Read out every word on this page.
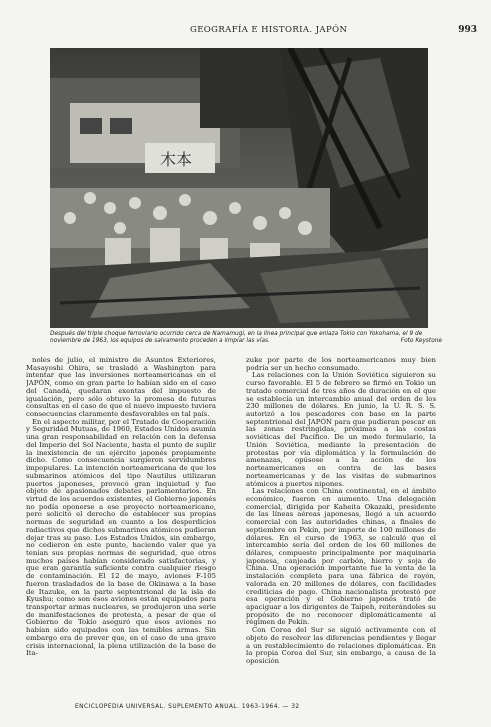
GEOGRAFÍA E HISTORIA. JAPÓN	993
木本
Después del triple choque ferroviario ocurrido cerca de Namamugi, en la línea principal que enlaza Tokio con Yokohama, el 9 de noviembre de 1963, los equipos de salvamento proceden a limpiar las vías.	Foto Keystone

noles de julio, el ministro de Asuntos Exteriores, Masayoshi Ohira, se trasladó a Washington para intentar que las inversiones norteamericanas en el JAPÓN, como en gran parte lo habían sido en el caso del Canadá, quedaran exentas del impuesto de igualación, pero sólo obtuvo la promesa de futuras consultas en el caso de que el nuevo impuesto tuviera consecuencias claramente desfavorables en tal país.

En el aspecto militar, por el Tratado de Cooperación y Seguridad Mutuas, de 1960, Estados Unidos asumía una gran responsabilidad en relación con la defensa del Imperio del Sol Naciente, hasta el punto de suplir la inexistencia de un ejército japonés propiamente dicho. Como consecuencia surgieron servidumbres impopulares. La intención norteamericana de que los submarinos atómicos del tipo Nautilus utilizaran puertos japoneses, provocó gran inquietud y fue objeto de apasionados debates parlamentarios. En virtud de los acuerdos existentes, el Gobierno japonés no podía oponerse a ese proyecto norteamericano, pero solicitó el derecho de establecer sus propias normas de seguridad en cuanto a los desperdicios radiactivos que dichos submarinos atómicos pudieran dejar tras su paso. Los Estados Unidos, sin embargo, no cedieron en este punto, haciendo valer que ya tenían sus propias normas de seguridad, que otros muchos países habían considerado satisfactorias, y que eran garantía suficiente contra cualquier riesgo de contaminación. El 12 de mayo, aviones F-105 fueron trasladados de la base de Okinawa a la base de Itazuke, en la parte septentrional de la isla de Kyushu; como son ésos aviones están equipados para transportar armas nucleares, se produjeron una serie de manifestaciones de protesta, a pesar de que el Gobierno de Tokio aseguró que esos aviones no habían sido equipados con las temibles armas. Sin embargo era de prever que, en el caso de una grave crisis internacional, la plena utilización de la base de Ita-

zuke por parte de los norteamericanos muy bien podría ser un hecho consumado.

Las relaciones con la Unión Soviética siguieron su curso favorable. El 5 de febrero se firmó en Tokio un tratado comercial de tres años de duración en el que se establecía un intercambio anual del orden de los 230 millones de dólares. En junio, la U. R. S. S. autorizó a los pescadores con base en la parte septentrional del JAPÓN para que pudieran pescar en las zonas restringidas, próximas a las costas soviéticas del Pacífico. De un modo formulario, la Unión Soviética, mediante la presentación de protestas por vía diplomática y la formulación de amenazas, opúsose a la acción de los norteamericanos en contra de las bases norteamericanas y de las visitas de submarinos atómicos a puertos nipones.

Las relaciones con China continental, en el ámbito económico, fueron en aumento. Una delegación comercial, dirigida por Kaheita Okazaki, presidente de las líneas aéreas japonesas, llegó a un acuerdo comercial con las autoridades chinas, a finales de septiembre en Pekín, por importe de 100 millones de dólares. En el curso de 1963, se calculó que el intercambio sería del orden de los 60 millones de dólares, compuesto principalmente por maquinaria japonesa, canjeada por carbón, hierro y soja de China. Una operación importante fue la venta de la instalación completa para una fábrica de rayón, valorada en 20 millones de dólares, con facilidades crediticias de pago. China nacionalista protestó por esa operación y el Gobierno japonés trató de apaciguar a los dirigentes de Taipeh, reiterándoles su propósito de no reconocer diplomáticamente al régimen de Pekín.

Con Corea del Sur se siguió activamente con el objeto de resolver las diferencias pendientes y llegar a un restablecimiento de relaciones diplomáticas. En la propia Corea del Sur, sin embargo, a causa de la oposición

ENCICLOPEDIA UNIVERSAL. SUPLEMENTO ANUAL. 1963-1964. — 32
